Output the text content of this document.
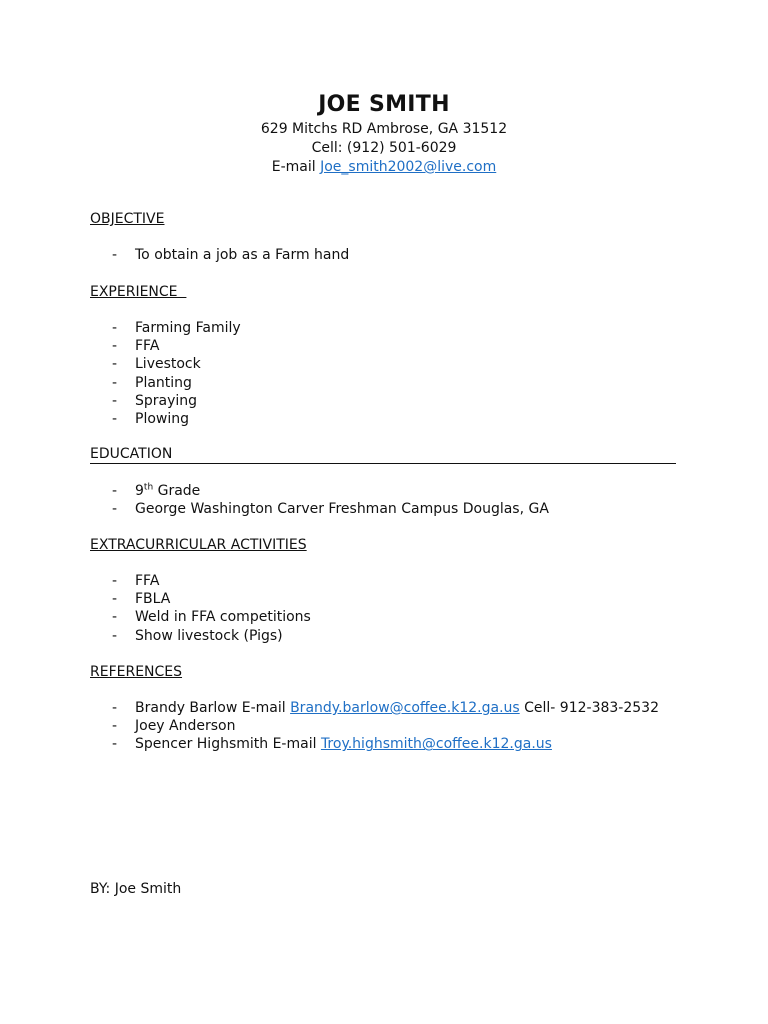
JOE SMITH
629 Mitchs RD Ambrose, GA 31512
Cell: (912) 501-6029
E-mail Joe_smith2002@live.com
OBJECTIVE
- To obtain a job as a Farm hand
EXPERIENCE
- Farming Family
- FFA
- Livestock
- Planting
- Spraying
- Plowing
EDUCATION
- 9th Grade
- George Washington Carver Freshman Campus Douglas, GA
EXTRACURRICULAR ACTIVITIES
- FFA
- FBLA
- Weld in FFA competitions
- Show livestock (Pigs)
REFERENCES
- Brandy Barlow E-mail Brandy.barlow@coffee.k12.ga.us Cell- 912-383-2532
- Joey Anderson
- Spencer Highsmith E-mail Troy.highsmith@coffee.k12.ga.us
BY: Joe Smith
